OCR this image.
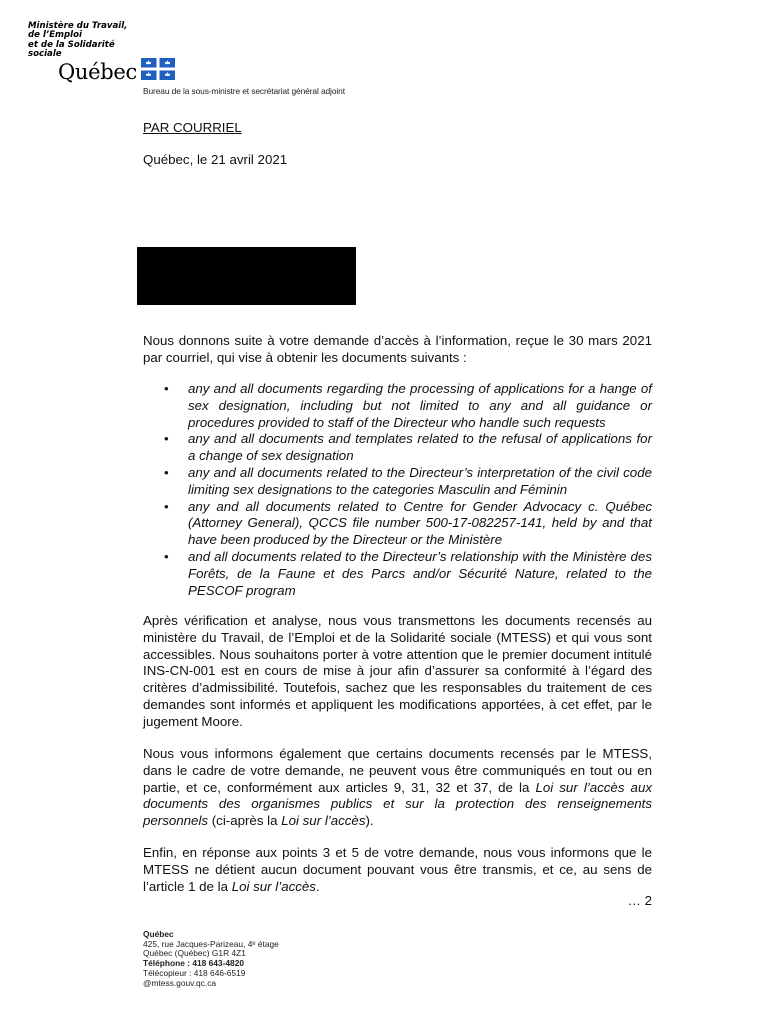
Ministère du Travail,
de l’Emploi
et de la Solidarité
sociale
Québec
Bureau de la sous-ministre et secrétariat général adjoint
PAR COURRIEL
Québec, le 21 avril 2021
Nous donnons suite à votre demande d’accès à l’information, reçue le 30 mars 2021 par courriel, qui vise à obtenir les documents suivants :
• any and all documents regarding the processing of applications for a hange of sex designation, including but not limited to any and all guidance or procedures provided to staff of the Directeur who handle such requests
• any and all documents and templates related to the refusal of applications for a change of sex designation
• any and all documents related to the Directeur’s interpretation of the civil code limiting sex designations to the categories Masculin and Féminin
• any and all documents related to Centre for Gender Advocacy c. Québec (Attorney General), QCCS file number 500-17-082257-141, held by and that have been produced by the Directeur or the Ministère
• and all documents related to the Directeur’s relationship with the Ministère des Forêts, de la Faune et des Parcs and/or Sécurité Nature, related to the PESCOF program
Après vérification et analyse, nous vous transmettons les documents recensés au ministère du Travail, de l’Emploi et de la Solidarité sociale (MTESS) et qui vous sont accessibles. Nous souhaitons porter à votre attention que le premier document intitulé INS-CN-001 est en cours de mise à jour afin d’assurer sa conformité à l’égard des critères d’admissibilité. Toutefois, sachez que les responsables du traitement de ces demandes sont informés et appliquent les modifications apportées, à cet effet, par le jugement Moore.
Nous vous informons également que certains documents recensés par le MTESS, dans le cadre de votre demande, ne peuvent vous être communiqués en tout ou en partie, et ce, conformément aux articles 9, 31, 32 et 37, de la Loi sur l’accès aux documents des organismes publics et sur la protection des renseignements personnels (ci-après la Loi sur l’accès).
Enfin, en réponse aux points 3 et 5 de votre demande, nous vous informons que le MTESS ne détient aucun document pouvant vous être transmis, et ce, au sens de l’article 1 de la Loi sur l’accès.
… 2
Québec
425, rue Jacques-Parizeau, 4ᵉ étage
Québec (Québec) G1R 4Z1
Téléphone : 418 643-4820
Télécopieur : 418 646-6519
@mtess.gouv.qc.ca
